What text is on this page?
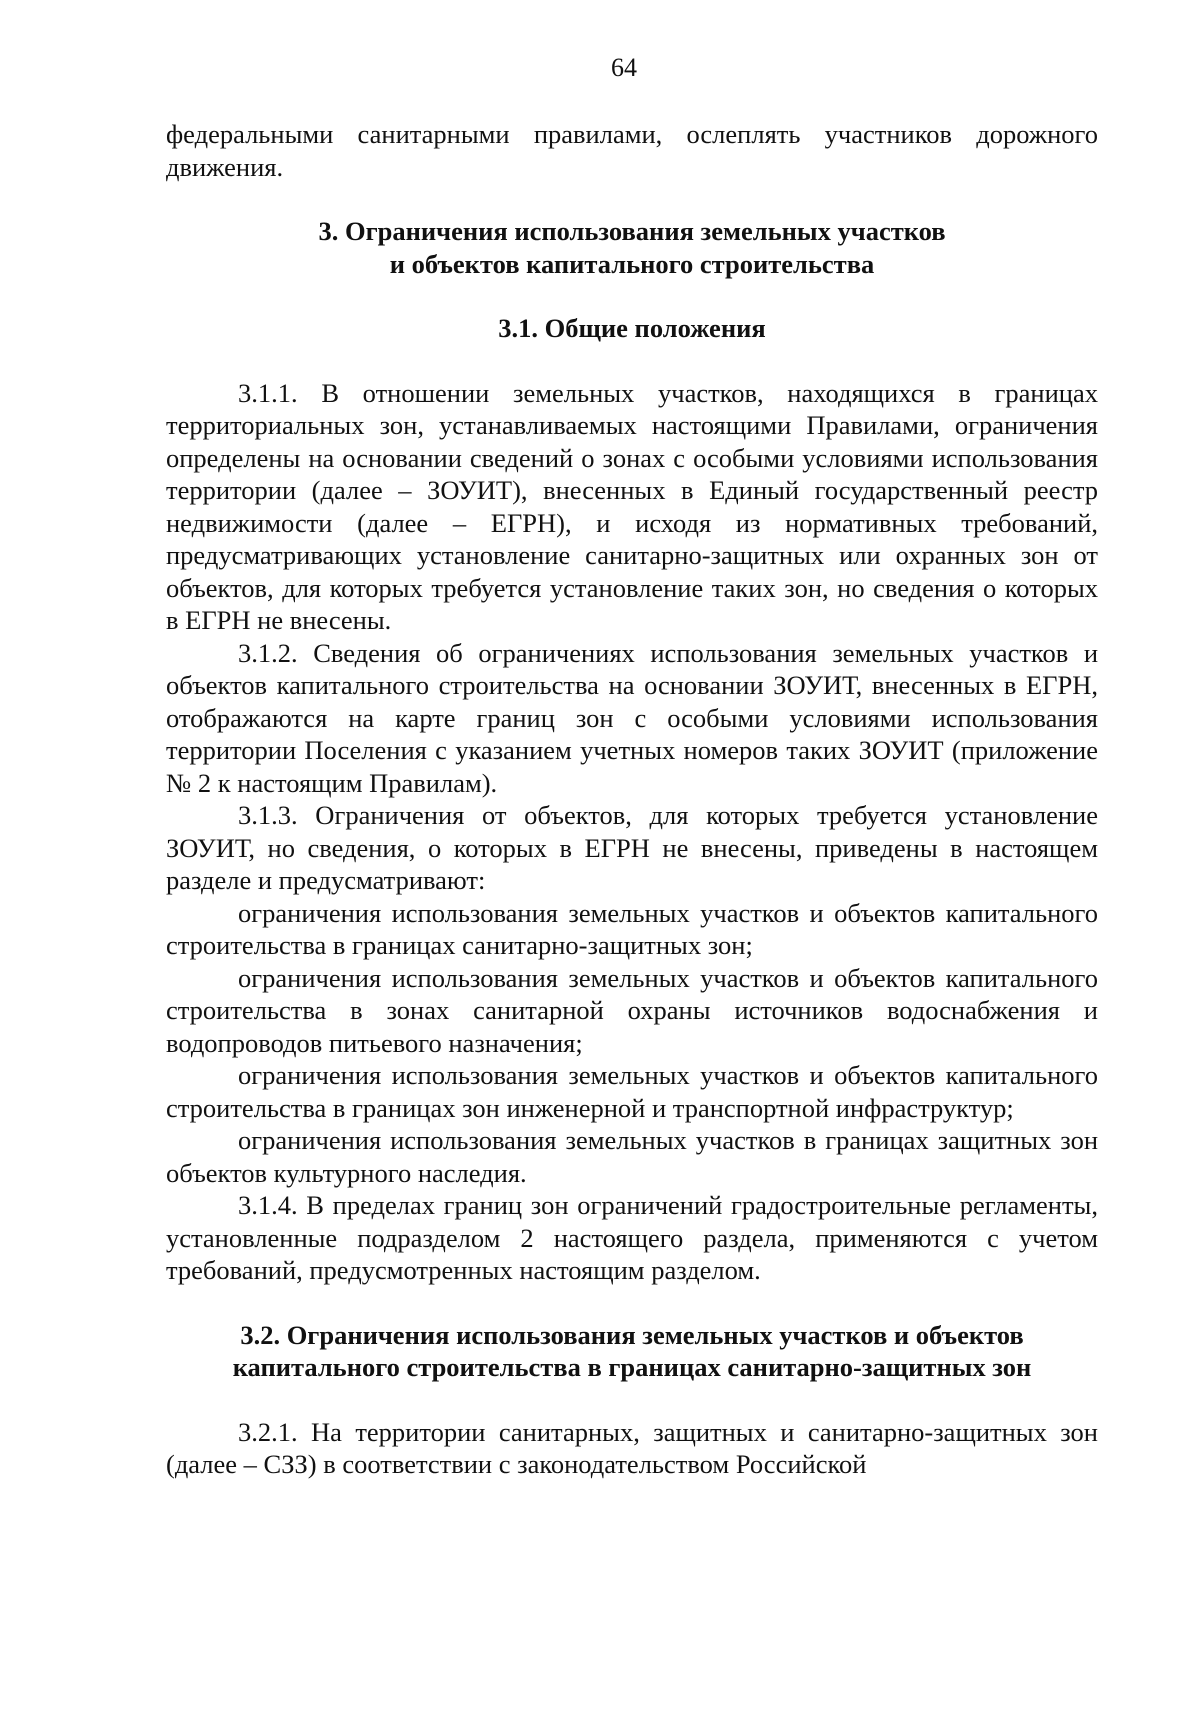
64

федеральными санитарными правилами, ослеплять участников дорожного движения.

3. Ограничения использования земельных участков
и объектов капитального строительства
3.1. Общие положения

3.1.1. В отношении земельных участков, находящихся в границах территориальных зон, устанавливаемых настоящими Правилами, ограничения определены на основании сведений о зонах с особыми условиями использования территории (далее – ЗОУИТ), внесенных в Единый государственный реестр недвижимости (далее – ЕГРН), и исходя из нормативных требований, предусматривающих установление санитарно-защитных или охранных зон от объектов, для которых требуется установление таких зон, но сведения о которых в ЕГРН не внесены.

3.1.2. Сведения об ограничениях использования земельных участков и объектов капитального строительства на основании ЗОУИТ, внесенных в ЕГРН, отображаются на карте границ зон с особыми условиями использования территории Поселения с указанием учетных номеров таких ЗОУИТ (приложение № 2 к настоящим Правилам).

3.1.3. Ограничения от объектов, для которых требуется установление ЗОУИТ, но сведения, о которых в ЕГРН не внесены, приведены в настоящем разделе и предусматривают:

ограничения использования земельных участков и объектов капитального строительства в границах санитарно-защитных зон;

ограничения использования земельных участков и объектов капитального строительства в зонах санитарной охраны источников водоснабжения и водопроводов питьевого назначения;

ограничения использования земельных участков и объектов капитального строительства в границах зон инженерной и транспортной инфраструктур;

ограничения использования земельных участков в границах защитных зон объектов культурного наследия.

3.1.4. В пределах границ зон ограничений градостроительные регламенты, установленные подразделом 2 настоящего раздела, применяются с учетом требований, предусмотренных настоящим разделом.

3.2. Ограничения использования земельных участков и объектов
капитального строительства в границах санитарно-защитных зон

3.2.1. На территории санитарных, защитных и санитарно-защитных зон (далее – СЗЗ) в соответствии с законодательством Российской
